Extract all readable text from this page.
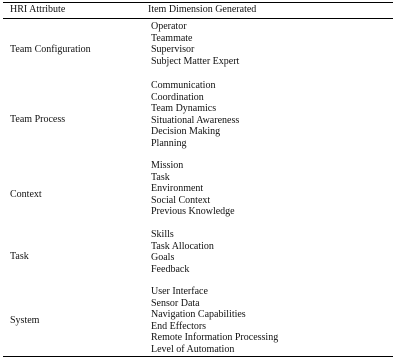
HRI Attribute	Item Dimension Generated
Team Configuration
Operator
Teammate
Supervisor
Subject Matter Expert
Team Process
Communication
Coordination
Team Dynamics
Situational Awareness
Decision Making
Planning
Context
Mission
Task
Environment
Social Context
Previous Knowledge
Task
Skills
Task Allocation
Goals
Feedback
System
User Interface
Sensor Data
Navigation Capabilities
End Effectors
Remote Information Processing
Level of Automation
